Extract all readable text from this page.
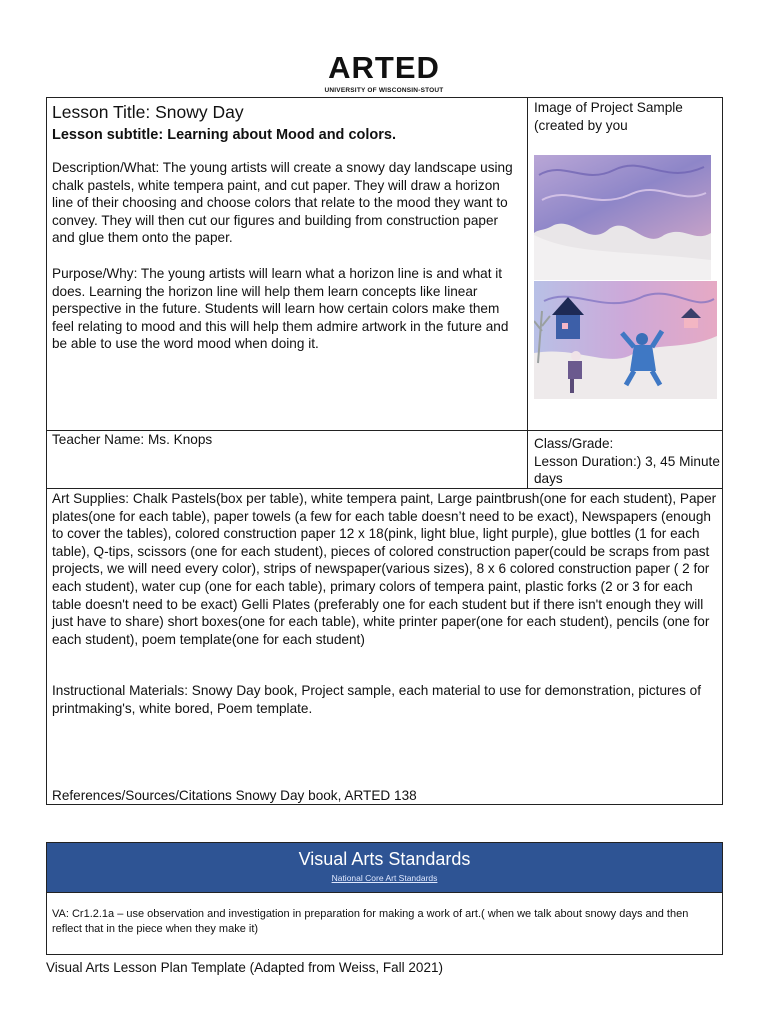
ARTED
UNIVERSITY OF WISCONSIN-STOUT
Lesson Title: Snowy Day
Lesson subtitle: Learning about Mood and colors.

Description/What: The young artists will create a snowy day landscape using chalk pastels, white tempera paint, and cut paper. They will draw a horizon line of their choosing and choose colors that relate to the mood they want to convey. They will then cut our figures and building from construction paper and glue them onto the paper.

Purpose/Why: The young artists will learn what a horizon line is and what it does. Learning the horizon line will help them learn concepts like linear perspective in the future. Students will learn how certain colors make them feel relating to mood and this will help them admire artwork in the future and be able to use the word mood when doing it.

Image of Project Sample (created by you
Teacher Name: Ms. Knops	Class/Grade:
Lesson Duration:) 3, 45 Minute days

Art Supplies: Chalk Pastels(box per table), white tempera paint, Large paintbrush(one for each student), Paper plates(one for each table), paper towels (a few for each table doesn’t need to be exact), Newspapers (enough to cover the tables), colored construction paper 12 x 18(pink, light blue, light purple), glue bottles (1 for each table), Q-tips, scissors (one for each student), pieces of colored construction paper(could be scraps from past projects, we will need every color), strips of newspaper(various sizes), 8 x 6 colored construction paper ( 2 for each student), water cup (one for each table), primary colors of tempera paint, plastic forks (2 or 3 for each table doesn't need to be exact) Gelli Plates (preferably one for each student but if there isn't enough they will just have to share) short boxes(one for each table), white printer paper(one for each student), pencils (one for each student), poem template(one for each student)

Instructional Materials: Snowy Day book, Project sample, each material to use for demonstration, pictures of printmaking's, white bored, Poem template.

References/Sources/Citations Snowy Day book, ARTED 138

Visual Arts Standards
National Core Art Standards
VA: Cr1.2.1a – use observation and investigation in preparation for making a work of art.( when we talk about snowy days and then reflect that in the piece when they make it)
Visual Arts Lesson Plan Template (Adapted from Weiss, Fall 2021)
